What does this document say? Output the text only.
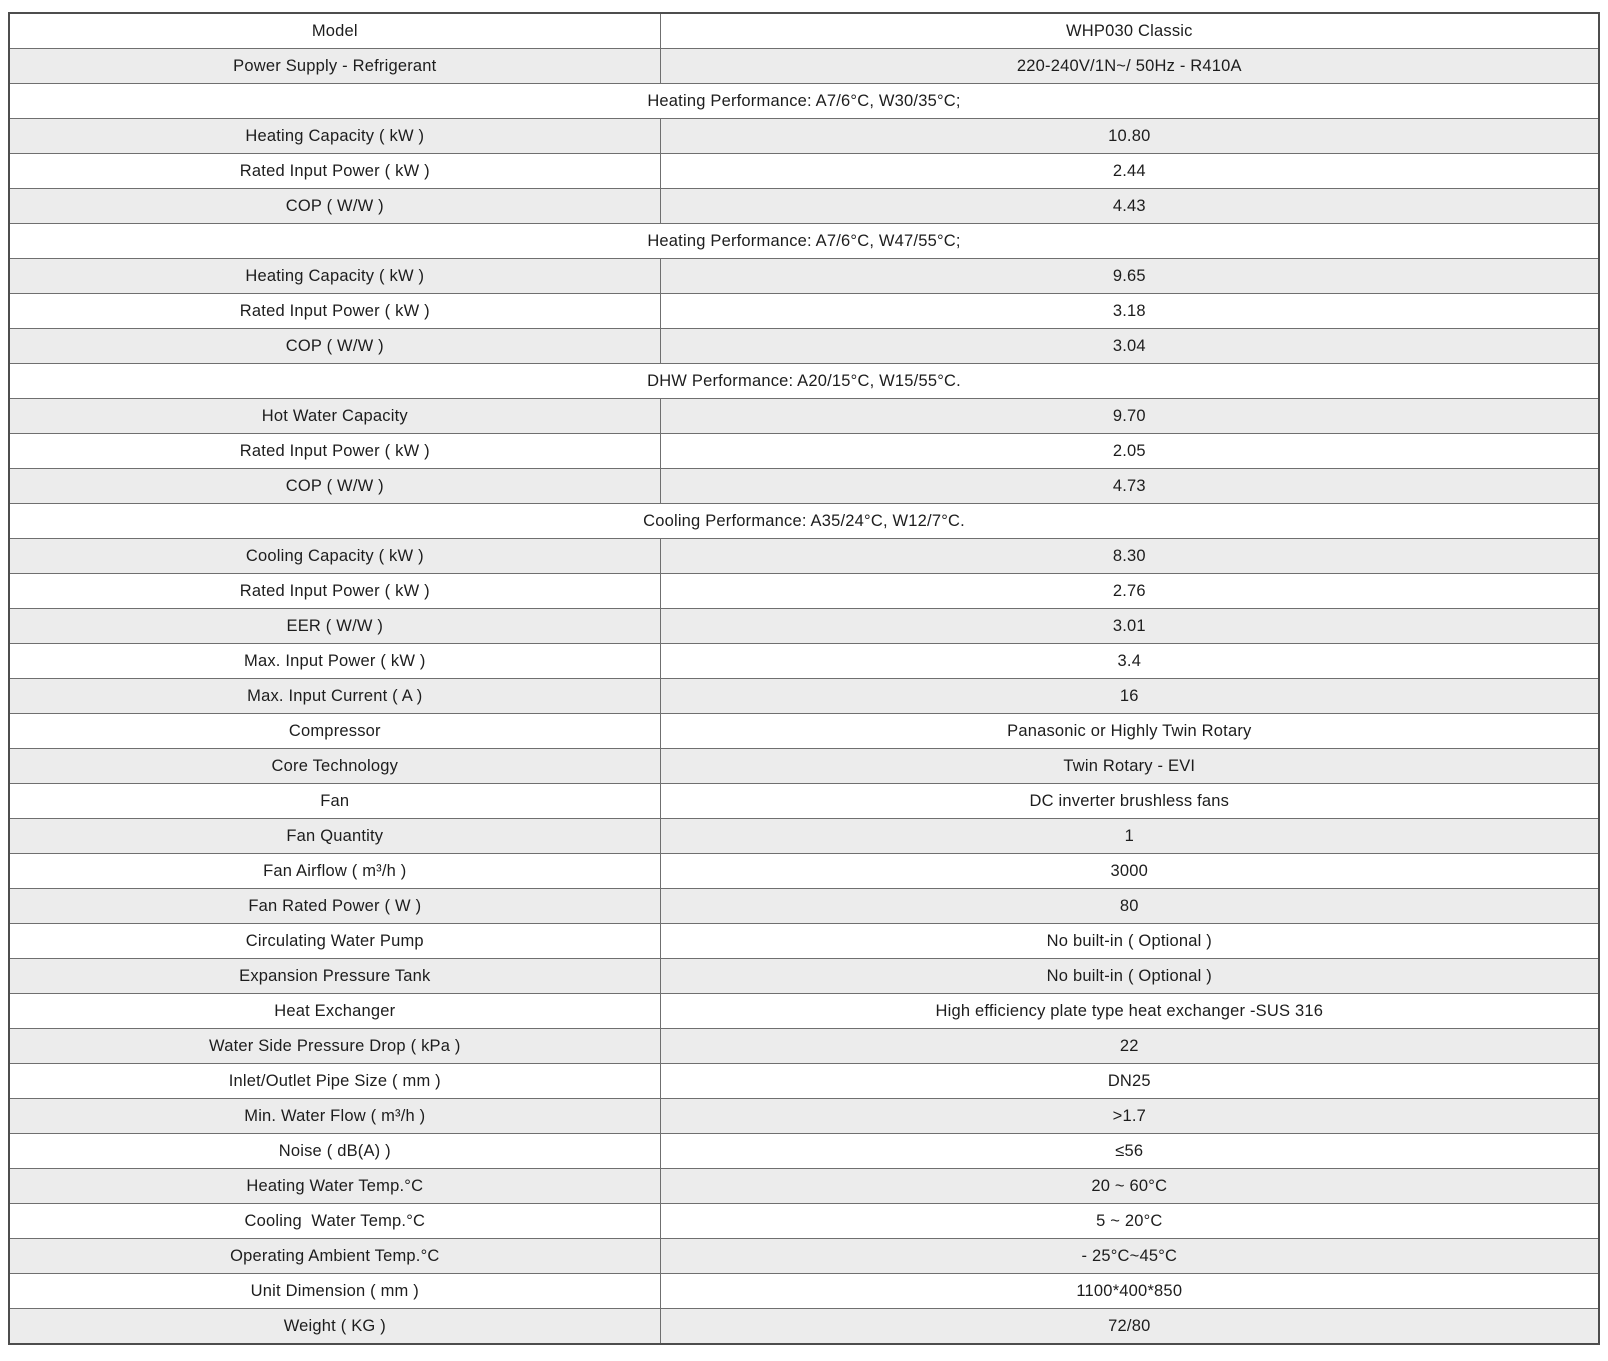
Model	WHP030 Classic
Power Supply - Refrigerant	220-240V/1N~/ 50Hz - R410A
Heating Performance: A7/6°C, W30/35°C;	
Heating Capacity ( kW )	10.80
Rated Input Power ( kW )	2.44
COP ( W/W )	4.43
Heating Performance: A7/6°C, W47/55°C;	
Heating Capacity ( kW )	9.65
Rated Input Power ( kW )	3.18
COP ( W/W )	3.04
DHW Performance: A20/15°C, W15/55°C.	
Hot Water Capacity	9.70
Rated Input Power ( kW )	2.05
COP ( W/W )	4.73
Cooling Performance: A35/24°C, W12/7°C.	
Cooling Capacity ( kW )	8.30
Rated Input Power ( kW )	2.76
EER ( W/W )	3.01
Max. Input Power ( kW )	3.4
Max. Input Current ( A )	16
Compressor	Panasonic or Highly Twin Rotary
Core Technology	Twin Rotary - EVI
Fan	DC inverter brushless fans
Fan Quantity	1
Fan Airflow ( m³/h )	3000
Fan Rated Power ( W )	80
Circulating Water Pump	No built-in ( Optional )
Expansion Pressure Tank	No built-in ( Optional )
Heat Exchanger	High efficiency plate type heat exchanger -SUS 316
Water Side Pressure Drop ( kPa )	22
Inlet/Outlet Pipe Size ( mm )	DN25
Min. Water Flow ( m³/h )	>1.7
Noise ( dB(A) )	≤56
Heating Water Temp.°C	20 ~ 60°C
Cooling  Water Temp.°C	5 ~ 20°C
Operating Ambient Temp.°C	- 25°C~45°C
Unit Dimension ( mm )	1100*400*850
Weight ( KG )	72/80
